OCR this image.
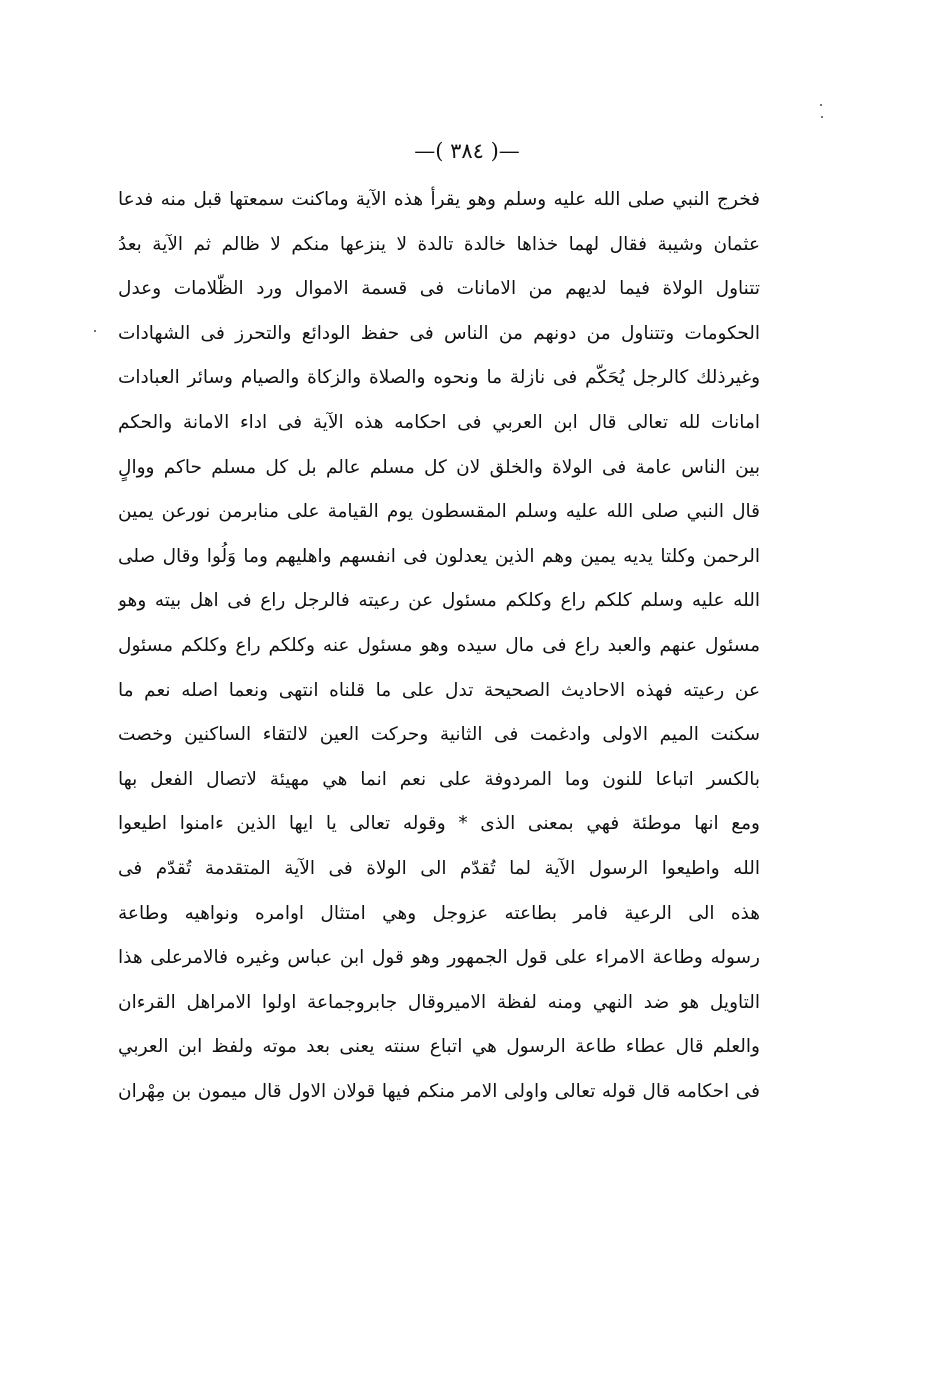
—( ٣٨٤ )—
فخرج النبي صلى الله عليه وسلم وهو يقرأ هذه الآية وماكنت سمعتها قبل منه فدعا
عثمان وشيبة فقال لهما خذاها خالدة تالدة لا ينزعها منكم لا ظالم ثم الآية بعدُ
تتناول الولاة فيما لديهم من الامانات فى قسمة الاموال ورد الظّلامات وعدل
الحكومات وتتناول من دونهم من الناس فى حفظ الودائع والتحرز فى الشهادات
وغيرذلك كالرجل يُحَكّم فى نازلة ما ونحوه والصلاة والزكاة والصيام وسائر العبادات
امانات لله تعالى قال ابن العربي فى احكامه هذه الآية فى اداء الامانة والحكم
بين الناس عامة فى الولاة والخلق لان كل مسلم عالم بل كل مسلم حاكم ووالٍ
قال النبي صلى الله عليه وسلم المقسطون يوم القيامة على منابرمن نورعن يمين
الرحمن وكلتا يديه يمين وهم الذين يعدلون فى انفسهم واهليهم وما وَلُوا وقال صلى
الله عليه وسلم كلكم راع وكلكم مسئول عن رعيته فالرجل راع فى اهل بيته وهو
مسئول عنهم والعبد راع فى مال سيده وهو مسئول عنه وكلكم راع وكلكم مسئول
عن رعيته فهذه الاحاديث الصحيحة تدل على ما قلناه انتهى ونعما اصله نعم ما
سكنت الميم الاولى وادغمت فى الثانية وحركت العين لالتقاء الساكنين وخصت
بالكسر اتباعا للنون وما المردوفة على نعم انما هي مهيئة لاتصال الفعل بها
ومع انها موطئة فهي بمعنى الذى * وقوله تعالى يا ايها الذين ءامنوا اطيعوا
الله واطيعوا الرسول الآية لما تُقدّم الى الولاة فى الآية المتقدمة تُقدّم فى
هذه الى الرعية فامر بطاعته عزوجل وهي امتثال اوامره ونواهيه وطاعة
رسوله وطاعة الامراء على قول الجمهور وهو قول ابن عباس وغيره فالامرعلى هذا
التاويل هو ضد النهي ومنه لفظة الاميروقال جابروجماعة اولوا الامراهل القرءان
والعلم قال عطاء طاعة الرسول هي اتباع سنته يعنى بعد موته ولفظ ابن العربي
فى احكامه قال قوله تعالى واولى الامر منكم فيها قولان الاول قال ميمون بن مِهْران
